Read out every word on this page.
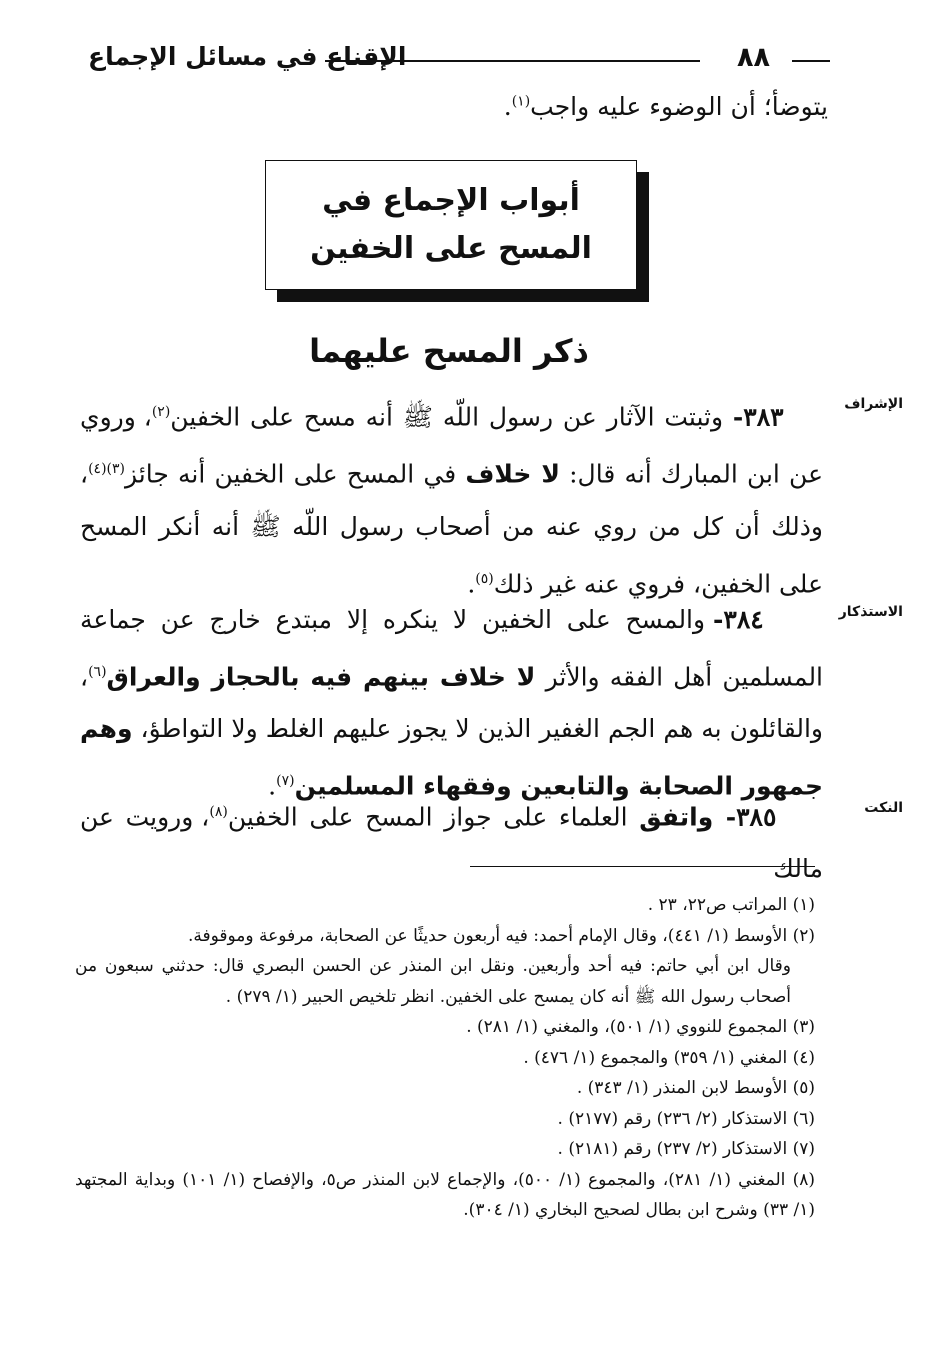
٨٨
الإقناع في مسائل الإجماع
يتوضأ؛ أن الوضوء عليه واجب$^{(١)}$.
أبواب الإجماع في المسح على الخفين
ذكر المسح عليهما
الإشراف
الاستذكار
النكت
٣٨٣- وثبتت الآثار عن رسول اللّه ﷺ أنه مسح على الخفين$^{(٢)}$، وروي عن ابن المبارك أنه قال: لا خلاف في المسح على الخفين أنه جائز$^{(٣)(٤)}$، وذلك أن كل من روي عنه من أصحاب رسول اللّه ﷺ أنه أنكر المسح على الخفين، فروي عنه غير ذلك$^{(٥)}$.
٣٨٤- والمسح على الخفين لا ينكره إلا مبتدع خارج عن جماعة المسلمين أهل الفقه والأثر لا خلاف بينهم فيه بالحجاز والعراق$^{(٦)}$، والقائلون به هم الجم الغفير الذين لا يجوز عليهم الغلط ولا التواطؤ، وهم جمهور الصحابة والتابعين وفقهاء المسلمين$^{(٧)}$.
٣٨٥- واتفق العلماء على جواز المسح على الخفين$^{(٨)}$، ورويت عن مالك

(١) المراتب ص٢٢، ٢٣ .

(٢) الأوسط (١/ ٤٤١)، وقال الإمام أحمد: فيه أربعون حديثًا عن الصحابة، مرفوعة وموقوفة.

وقال ابن أبي حاتم: فيه أحد وأربعين. ونقل ابن المنذر عن الحسن البصري قال: حدثني سبعون من أصحاب رسول الله ﷺ أنه كان يمسح على الخفين. انظر تلخيص الحبير (١/ ٢٧٩) .

(٣) المجموع للنووي (١/ ٥٠١)، والمغني (١/ ٢٨١) .

(٤) المغني (١/ ٣٥٩) والمجموع (١/ ٤٧٦) .

(٥) الأوسط لابن المنذر (١/ ٣٤٣) .

(٦) الاستذكار (٢/ ٢٣٦) رقم (٢١٧٧) .

(٧) الاستذكار (٢/ ٢٣٧) رقم (٢١٨١) .

(٨) المغني (١/ ٢٨١)، والمجموع (١/ ٥٠٠)، والإجماع لابن المنذر ص٥، والإفصاح (١/ ١٠١) وبداية المجتهد (١/ ٣٣) وشرح ابن بطال لصحيح البخاري (١/ ٣٠٤).
